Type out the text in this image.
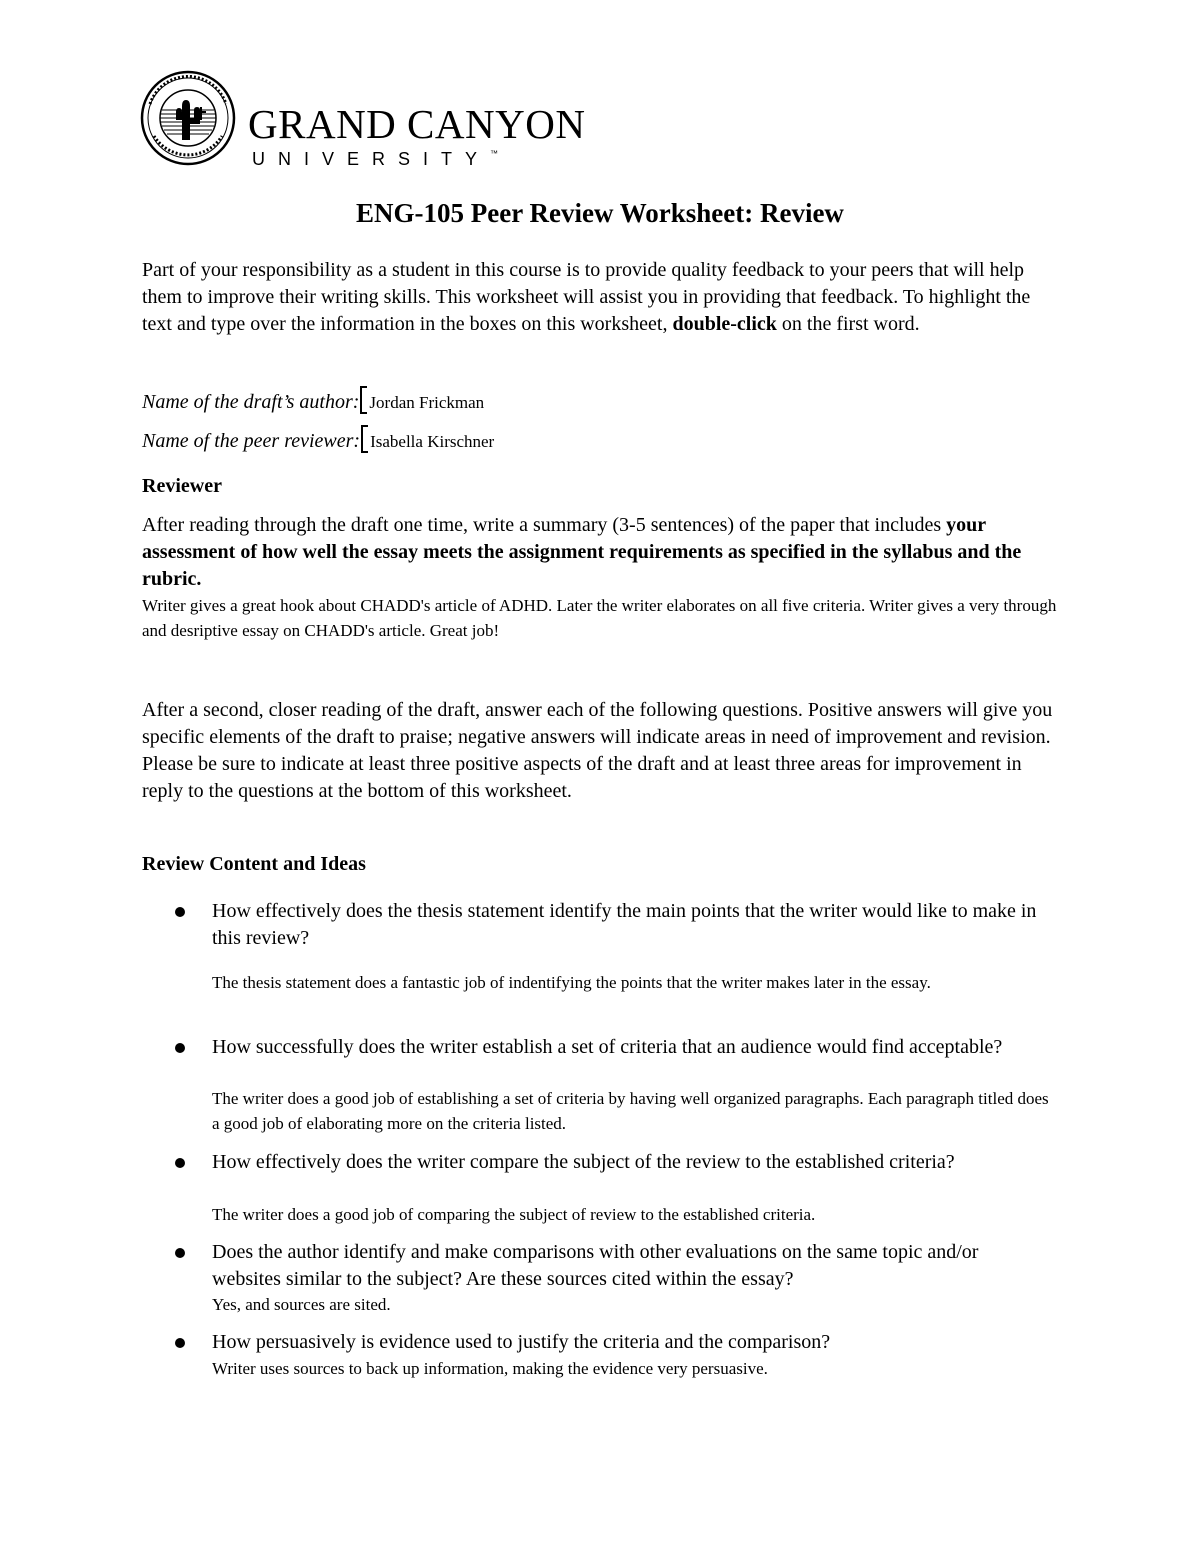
GRAND CANYON
UNIVERSITY™
ENG-105 Peer Review Worksheet: Review

Part of your responsibility as a student in this course is to provide quality feedback to your peers that will help them to improve their writing skills. This worksheet will assist you in providing that feedback. To highlight the text and type over the information in the boxes on this worksheet, double-click on the first word.

Name of the draft’s author: Jordan Frickman
Name of the peer reviewer: Isabella Kirschner
Reviewer

After reading through the draft one time, write a summary (3-5 sentences) of the paper that includes your assessment of how well the essay meets the assignment requirements as specified in the syllabus and the rubric.

Writer gives a great hook about CHADD's article of ADHD. Later the writer elaborates on all five criteria. Writer gives a very through and desriptive essay on CHADD's article. Great job!

After a second, closer reading of the draft, answer each of the following questions. Positive answers will give you specific elements of the draft to praise; negative answers will indicate areas in need of improvement and revision. Please be sure to indicate at least three positive aspects of the draft and at least three areas for improvement in reply to the questions at the bottom of this worksheet.

Review Content and Ideas

How effectively does the thesis statement identify the main points that the writer would like to make in this review?

The thesis statement does a fantastic job of indentifying the points that the writer makes later in the essay.

How successfully does the writer establish a set of criteria that an audience would find acceptable?

The writer does a good job of establishing a set of criteria by having well organized paragraphs. Each paragraph titled does a good job of elaborating more on the criteria listed.

How effectively does the writer compare the subject of the review to the established criteria?

The writer does a good job of comparing the subject of review to the established criteria.

Does the author identify and make comparisons with other evaluations on the same topic and/or websites similar to the subject? Are these sources cited within the essay?

Yes, and sources are sited.

How persuasively is evidence used to justify the criteria and the comparison?

Writer uses sources to back up information, making the evidence very persuasive.
